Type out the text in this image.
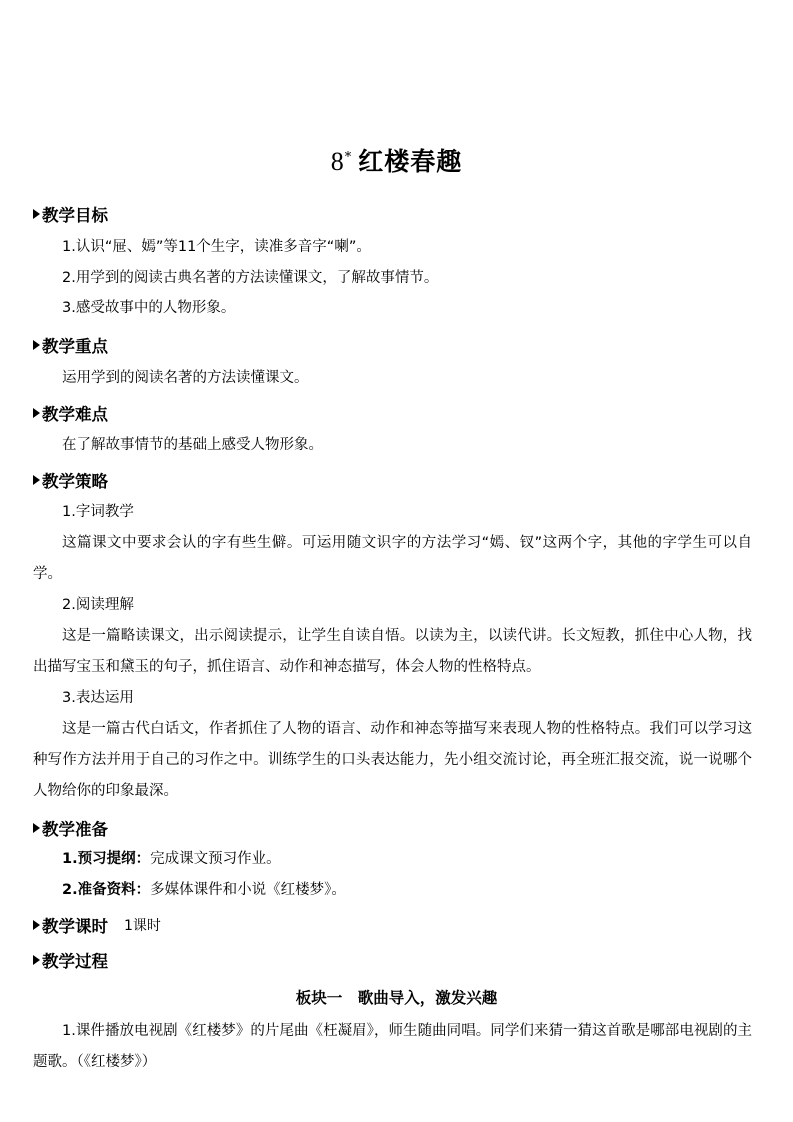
8* 红楼春趣
教学目标
1.认识“屉、嫣”等11个生字，读准多音字“喇”。
2.用学到的阅读古典名著的方法读懂课文，了解故事情节。
3.感受故事中的人物形象。
教学重点
运用学到的阅读名著的方法读懂课文。
教学难点
在了解故事情节的基础上感受人物形象。
教学策略
1.字词教学
这篇课文中要求会认的字有些生僻。可运用随文识字的方法学习“嫣、钗”这两个字，其他的字学生可以自学。
2.阅读理解
这是一篇略读课文，出示阅读提示，让学生自读自悟。以读为主，以读代讲。长文短教，抓住中心人物，找出描写宝玉和黛玉的句子，抓住语言、动作和神态描写，体会人物的性格特点。
3.表达运用
这是一篇古代白话文，作者抓住了人物的语言、动作和神态等描写来表现人物的性格特点。我们可以学习这种写作方法并用于自己的习作之中。训练学生的口头表达能力，先小组交流讨论，再全班汇报交流，说一说哪个人物给你的印象最深。
教学准备
1.预习提纲：完成课文预习作业。
2.准备资料：多媒体课件和小说《红楼梦》。
教学课时 1课时
教学过程
板块一　歌曲导入，激发兴趣
1.课件播放电视剧《红楼梦》的片尾曲《枉凝眉》，师生随曲同唱。同学们来猜一猜这首歌是哪部电视剧的主题歌。（《红楼梦》）
